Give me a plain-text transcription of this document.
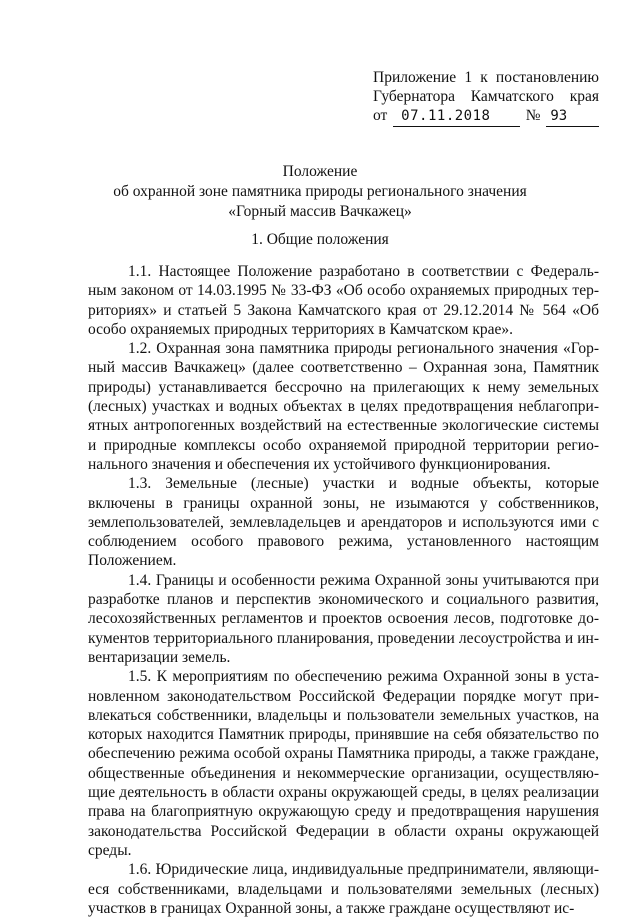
Приложение 1 к постановлению
Губернатора Камчатского края
от 07.11.2018	№ 93
Положение
об охранной зоне памятника природы регионального значения
«Горный массив Вачкажец»
1. Общие положения

1.1. Настоящее Положение разработано в соответствии с Федеральным законом от 14.03.1995 № 33-ФЗ «Об особо охраняемых природных территориях» и статьей 5 Закона Камчатского края от 29.12.2014 № 564 «Об особо охраняемых природных территориях в Камчатском крае».

1.2. Охранная зона памятника природы регионального значения «Горный массив Вачкажец» (далее соответственно – Охранная зона, Памятник природы) устанавливается бессрочно на прилегающих к нему земельных (лесных) участках и водных объектах в целях предотвращения неблагоприятных антропогенных воздействий на естественные экологические системы и природные комплексы особо охраняемой природной территории регионального значения и обеспечения их устойчивого функционирования.

1.3. Земельные (лесные) участки и водные объекты, которые включены в границы охранной зоны, не изымаются у собственников, землепользователей, землевладельцев и арендаторов и используются ими с соблюдением особого правового режима, установленного настоящим Положением.

1.4. Границы и особенности режима Охранной зоны учитываются при разработке планов и перспектив экономического и социального развития, лесохозяйственных регламентов и проектов освоения лесов, подготовке документов территориального планирования, проведении лесоустройства и инвентаризации земель.

1.5. К мероприятиям по обеспечению режима Охранной зоны в установленном законодательством Российской Федерации порядке могут привлекаться собственники, владельцы и пользователи земельных участков, на которых находится Памятник природы, принявшие на себя обязательство по обеспечению режима особой охраны Памятника природы, а также граждане, общественные объединения и некоммерческие организации, осуществляющие деятельность в области охраны окружающей среды, в целях реализации права на благоприятную окружающую среду и предотвращения нарушения законодательства Российской Федерации в области охраны окружающей среды.

1.6. Юридические лица, индивидуальные предприниматели, являющиеся собственниками, владельцами и пользователями земельных (лесных) участков в границах Охранной зоны, а также граждане осуществляют ис-
